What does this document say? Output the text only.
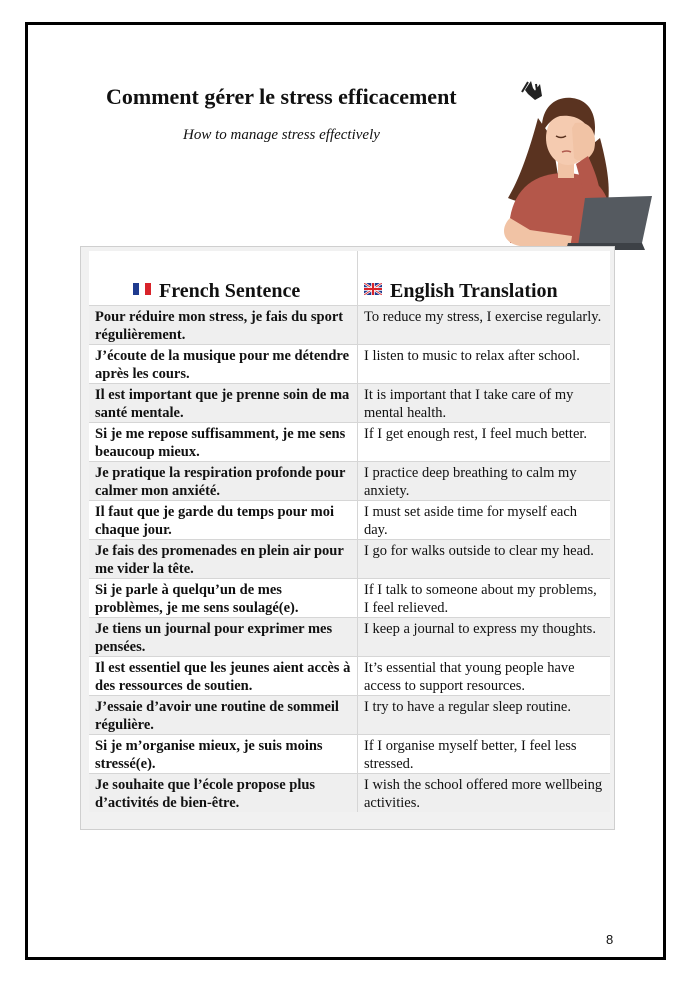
Comment gérer le stress efficacement

How to manage stress effectively

French Sentence	English Translation
Pour réduire mon stress, je fais du sport régulièrement.
To reduce my stress, I exercise regularly.
J’écoute de la musique pour me détendre après les cours.
I listen to music to relax after school.
Il est important que je prenne soin de ma santé mentale.
It is important that I take care of my mental health.
Si je me repose suffisamment, je me sens beaucoup mieux.
If I get enough rest, I feel much better.
Je pratique la respiration profonde pour calmer mon anxiété.
I practice deep breathing to calm my anxiety.
Il faut que je garde du temps pour moi chaque jour.
I must set aside time for myself each day.
Je fais des promenades en plein air pour me vider la tête.
I go for walks outside to clear my head.
Si je parle à quelqu’un de mes problèmes, je me sens soulagé(e).
If I talk to someone about my problems, I feel relieved.
Je tiens un journal pour exprimer mes pensées.
I keep a journal to express my thoughts.
Il est essentiel que les jeunes aient accès à des ressources de soutien.
It’s essential that young people have access to support resources.
J’essaie d’avoir une routine de sommeil régulière.
I try to have a regular sleep routine.
Si je m’organise mieux, je suis moins stressé(e).
If I organise myself better, I feel less stressed.
Je souhaite que l’école propose plus d’activités de bien-être.
I wish the school offered more wellbeing activities.
8
